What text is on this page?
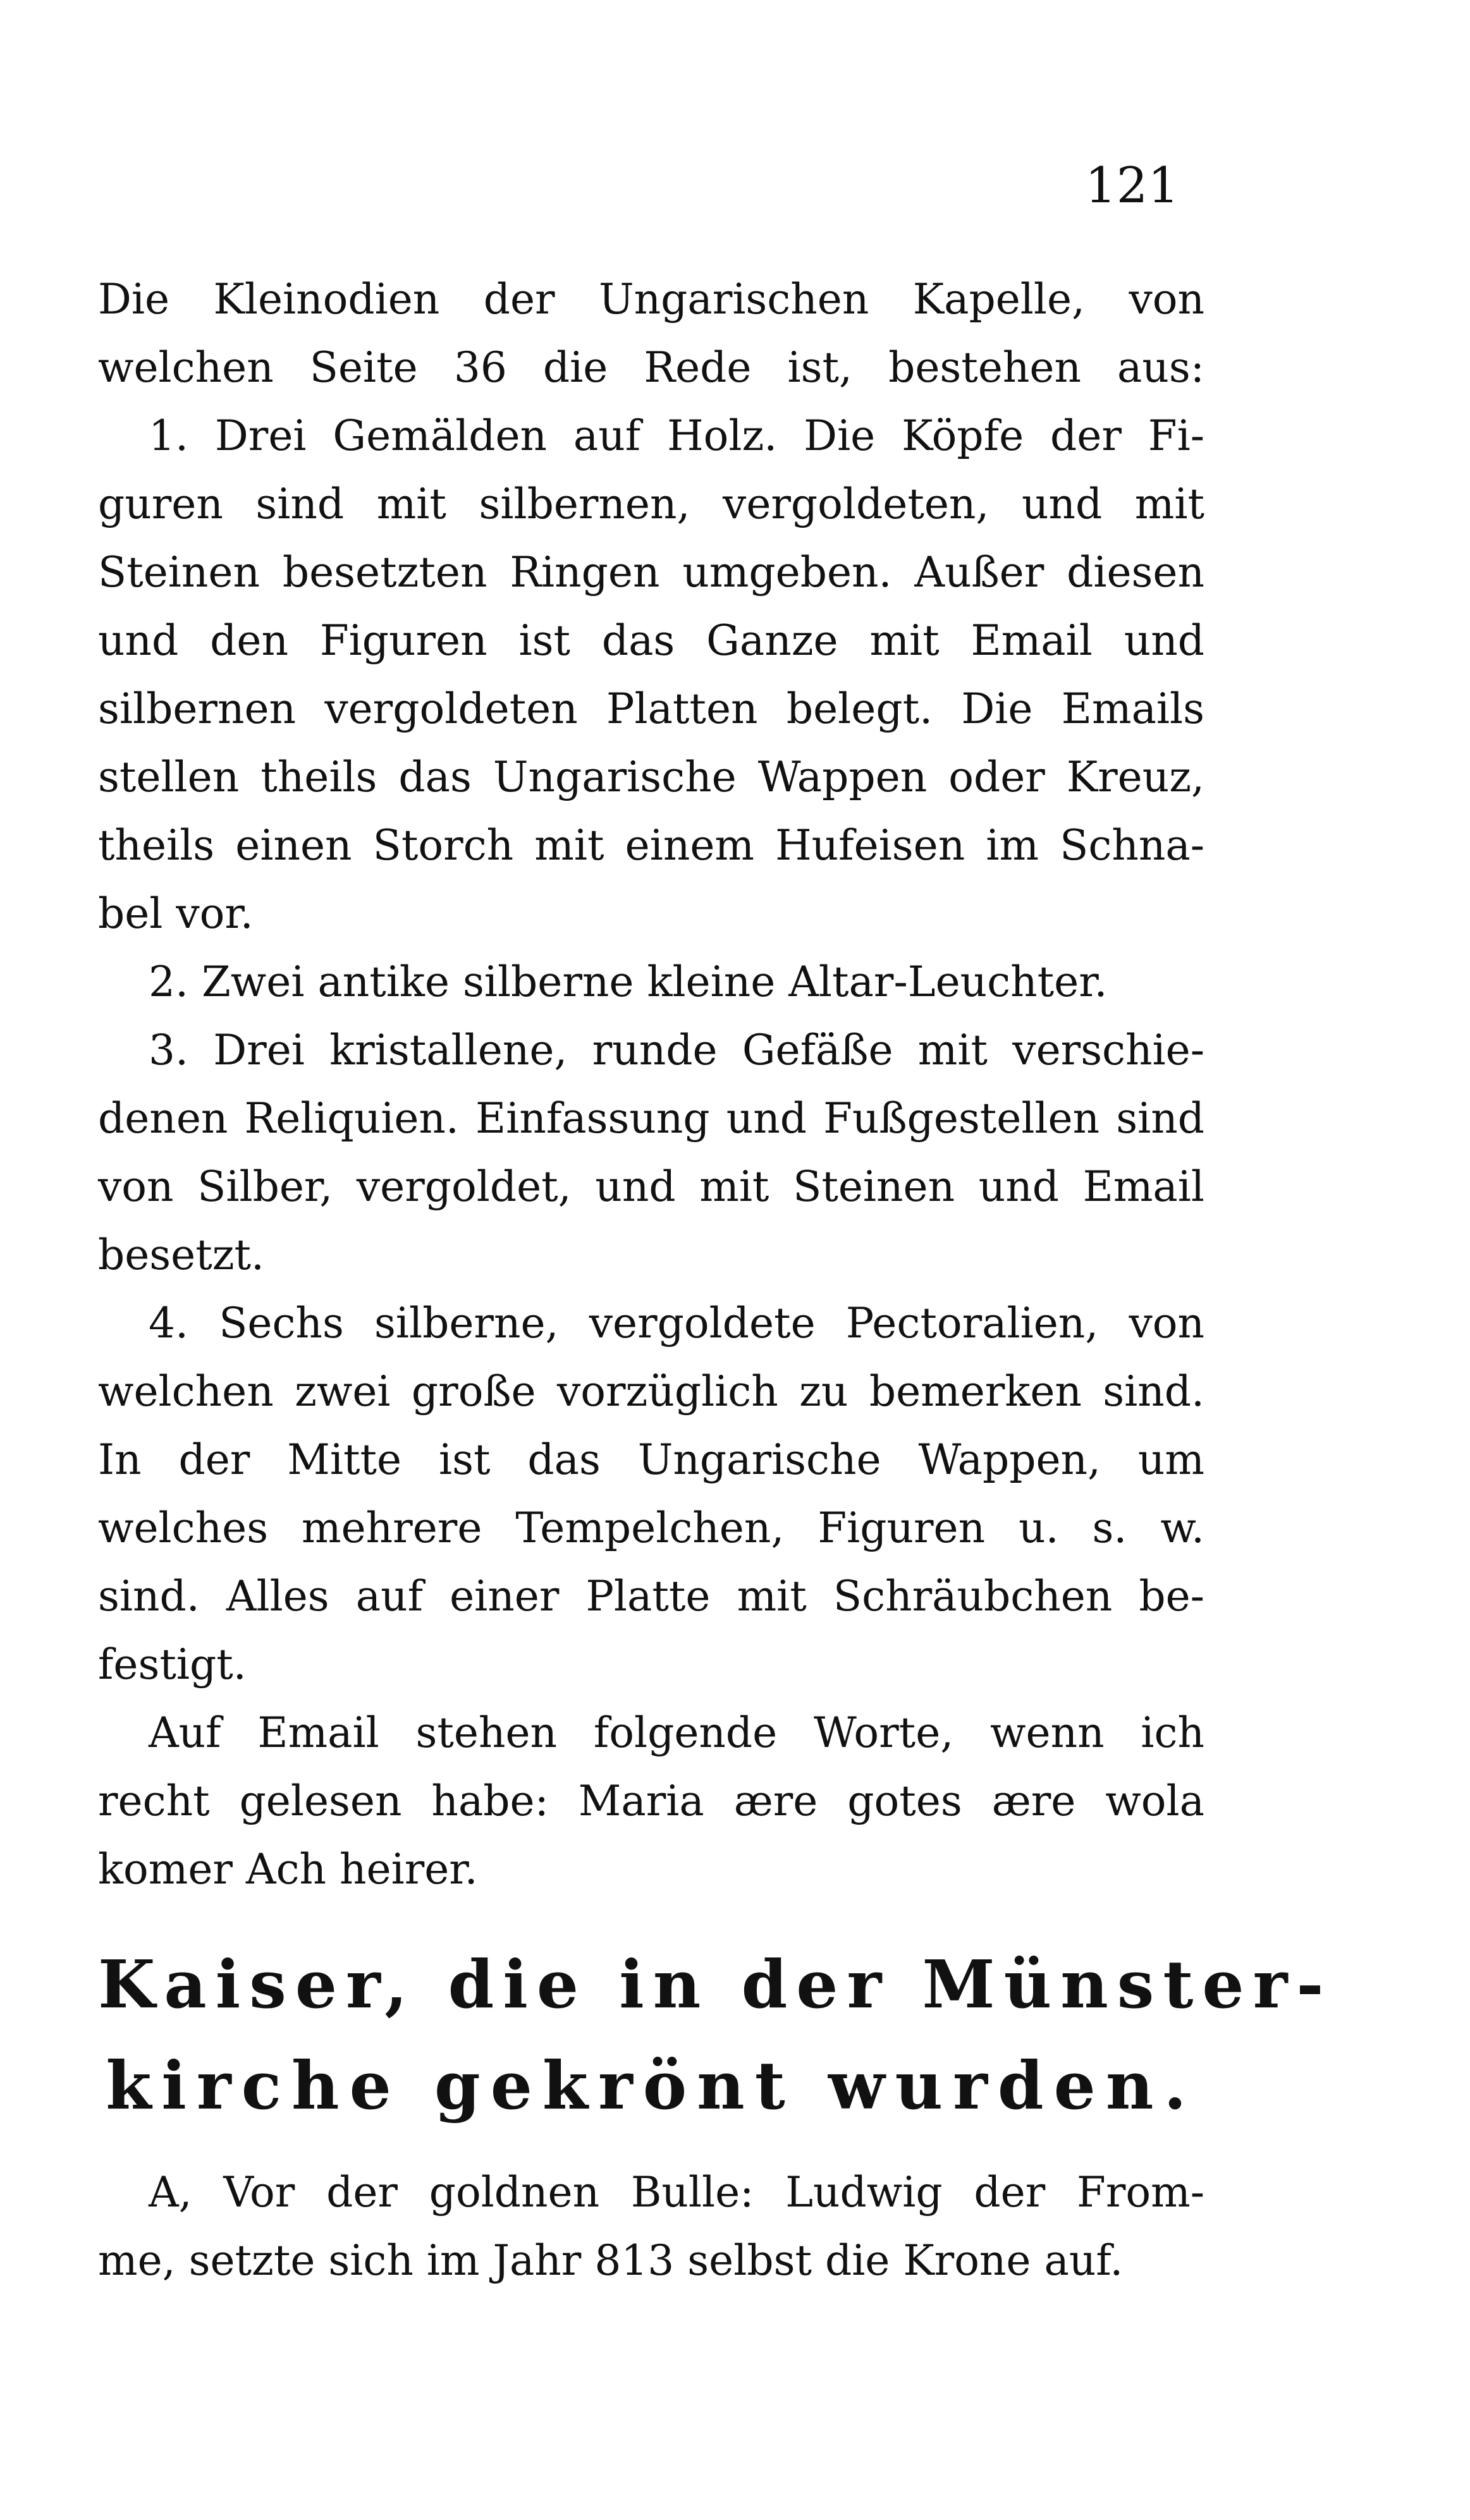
121
Die Kleinodien der Ungarischen Kapelle, von
welchen Seite 36 die Rede ist, bestehen aus:
1. Drei Gemälden auf Holz. Die Köpfe der Fi-
guren sind mit silbernen, vergoldeten, und mit
Steinen besetzten Ringen umgeben. Außer diesen
und den Figuren ist das Ganze mit Email und
silbernen vergoldeten Platten belegt. Die Emails
stellen theils das Ungarische Wappen oder Kreuz,
theils einen Storch mit einem Hufeisen im Schna-
bel vor.
2. Zwei antike silberne kleine Altar-Leuchter.
3. Drei kristallene, runde Gefäße mit verschie-
denen Reliquien. Einfassung und Fußgestellen sind
von Silber, vergoldet, und mit Steinen und Email
besetzt.
4. Sechs silberne, vergoldete Pectoralien, von
welchen zwei große vorzüglich zu bemerken sind.
In der Mitte ist das Ungarische Wappen, um
welches mehrere Tempelchen, Figuren u. s. w.
sind. Alles auf einer Platte mit Schräubchen be-
festigt.
Auf Email stehen folgende Worte, wenn ich
recht gelesen habe: Maria ære gotes ære wola
komer Ach heirer.
Kaiser, die in der Münster-
kirche gekrönt wurden.
A, Vor der goldnen Bulle: Ludwig der From-
me, setzte sich im Jahr 813 selbst die Krone auf.
